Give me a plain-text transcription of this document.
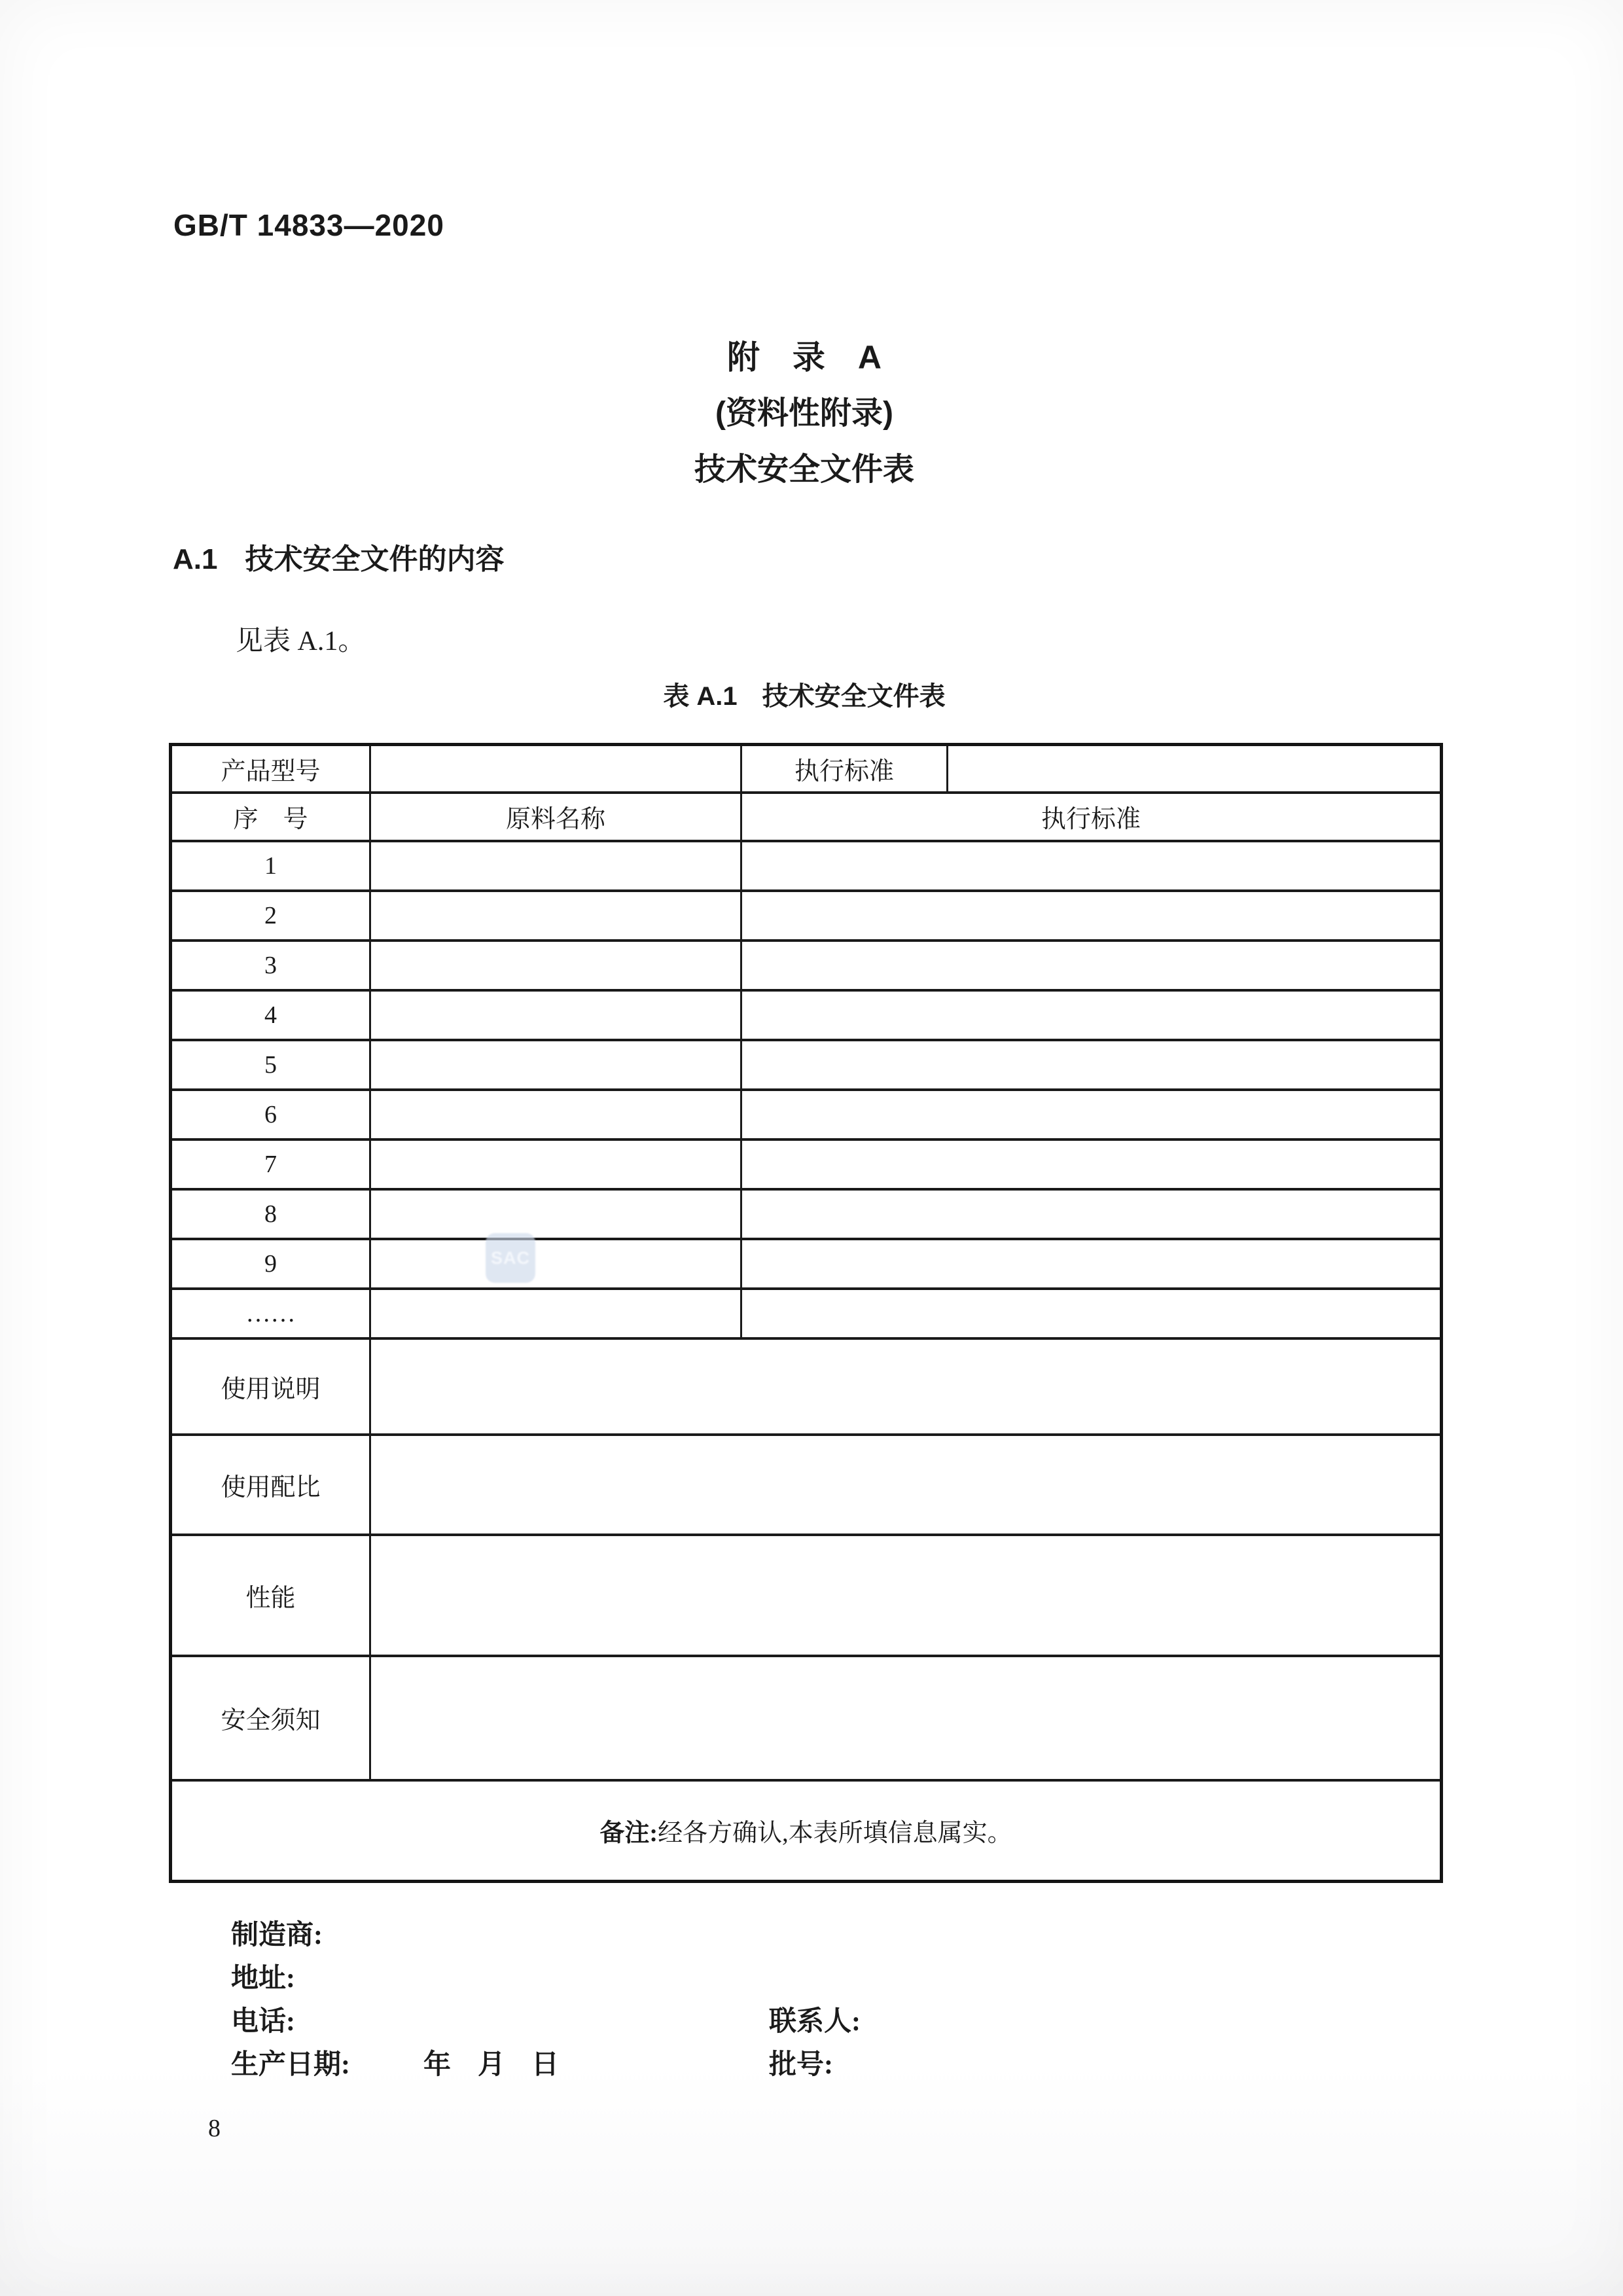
GB/T 14833—2020
附　录　A
(资料性附录)
技术安全文件表
A.1 技术安全文件的内容
见表 A.1。
表 A.1 技术安全文件表
产品型号		执行标准	
序　号	原料名称	执行标准	
1			
2			
3			
4			
5			
6			
7			
8			
9			
……			
使用说明			
使用配比			
性能			
安全须知			
备注:经各方确认,本表所填信息属实。			
SAC
制造商:
地址:
电话:	联系人:
生产日期:	年 月 日	批号:
8
